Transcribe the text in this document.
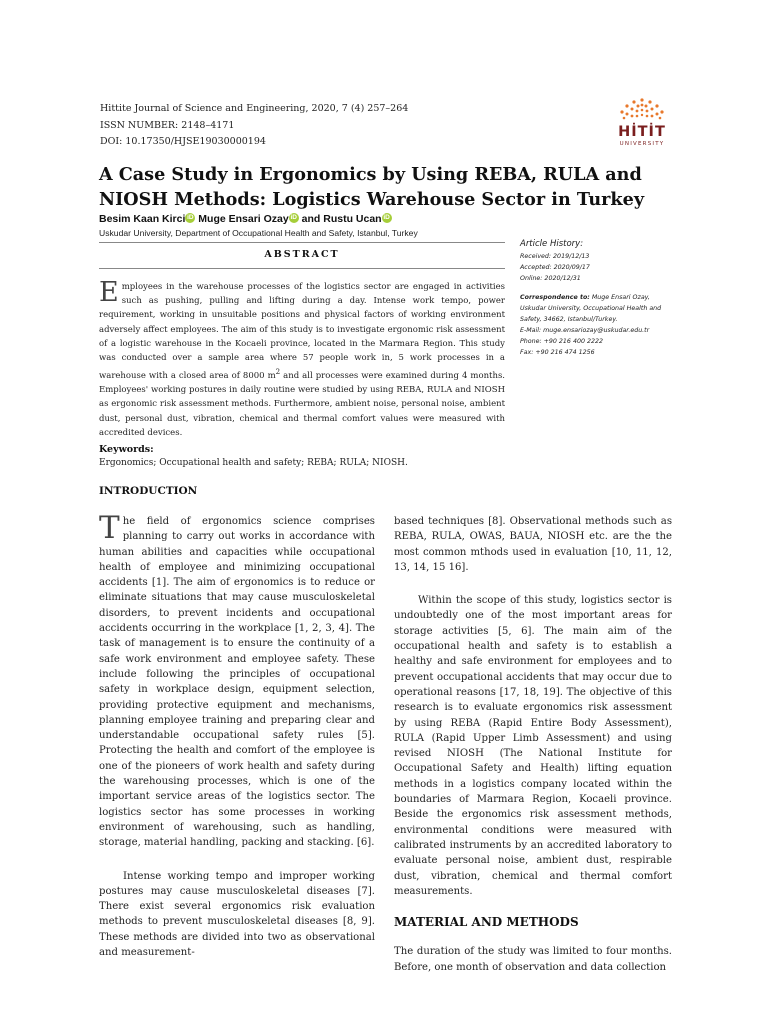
Hittite Journal of Science and Engineering, 2020, 7 (4) 257–264
ISSN NUMBER: 2148–4171
DOI: 10.17350/HJSE19030000194
HİTİT
UNIVERSITY
A Case Study in Ergonomics by Using REBA, RULA and NIOSH Methods: Logistics Warehouse Sector in Turkey
Besim Kaan Kirci iD Muge Ensari Ozay iD and Rustu Ucan iD
Uskudar University, Department of Occupational Health and Safety, Istanbul, Turkey
ABSTRACT
Employees in the warehouse processes of the logistics sector are engaged in activities such as pushing, pulling and lifting during a day. Intense work tempo, power requirement, working in unsuitable positions and physical factors of working environment adversely affect employees. The aim of this study is to investigate ergonomic risk assessment of a logistic warehouse in the Kocaeli province, located in the Marmara Region. This study was conducted over a sample area where 57 people work in, 5 work processes in a warehouse with a closed area of 8000 $m^2$ and all processes were examined during 4 months. Employees' working postures in daily routine were studied by using REBA, RULA and NIOSH as ergonomic risk assessment methods. Furthermore, ambient noise, personal noise, ambient dust, personal dust, vibration, chemical and thermal comfort values were measured with accredited devices.
Article History:
Received: 2019/12/13
Accepted: 2020/09/17
Online: 2020/12/31
Correspondence to: Muge Ensari Ozay,
Uskudar University, Occupational Health and Safety, 34662, Istanbul/Turkey.
E-Mail: muge.ensariozay@uskudar.edu.tr
Phone: +90 216 400 2222
Fax: +90 216 474 1256
Keywords:
Ergonomics; Occupational health and safety; REBA; RULA; NIOSH.
INTRODUCTION

The field of ergonomics science comprises planning to carry out works in accordance with human abilities and capacities while occupational health of employee and minimizing occupational accidents [1]. The aim of ergonomics is to reduce or eliminate situations that may cause musculoskeletal disorders, to prevent incidents and occupational accidents occurring in the workplace [1, 2, 3, 4]. The task of management is to ensure the continuity of a safe work environment and employee safety. These include following the principles of occupational safety in workplace design, equipment selection, providing protective equipment and mechanisms, planning employee training and preparing clear and understandable occupational safety rules [5]. Protecting the health and comfort of the employee is one of the pioneers of work health and safety during the warehousing processes, which is one of the important service areas of the logistics sector. The logistics sector has some processes in working environment of warehousing, such as handling, storage, material handling, packing and stacking. [6].

Intense working tempo and improper working postures may cause musculoskeletal diseases [7]. There exist several ergonomics risk evaluation methods to prevent musculoskeletal diseases [8, 9]. These methods are divided into two as observational and measurement-

based techniques [8]. Observational methods such as REBA, RULA, OWAS, BAUA, NIOSH etc. are the the most common mthods used in evaluation [10, 11, 12, 13, 14, 15 16].

Within the scope of this study, logistics sector is undoubtedly one of the most important areas for storage activities [5, 6]. The main aim of the occupational health and safety is to establish a healthy and safe environment for employees and to prevent occupational accidents that may occur due to operational reasons [17, 18, 19]. The objective of this research is to evaluate ergonomics risk assessment by using REBA (Rapid Entire Body Assessment), RULA (Rapid Upper Limb Assessment) and using revised NIOSH (The National Institute for Occupational Safety and Health) lifting equation methods in a logistics company located within the boundaries of Marmara Region, Kocaeli province. Beside the ergonomics risk assessment methods, environmental conditions were measured with calibrated instruments by an accredited laboratory to evaluate personal noise, ambient dust, respirable dust, vibration, chemical and thermal comfort measurements.

MATERIAL AND METHODS

The duration of the study was limited to four months. Before, one month of observation and data collection
